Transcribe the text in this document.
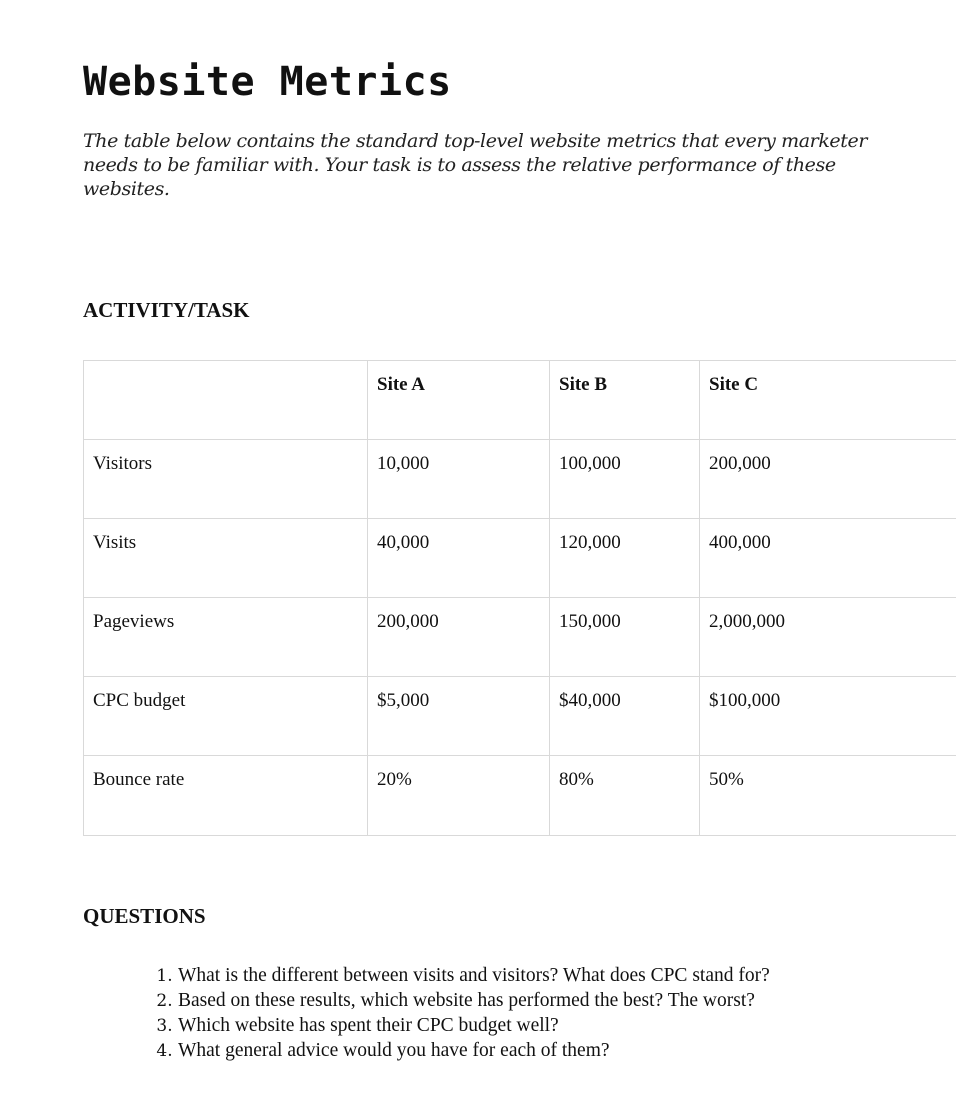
Website Metrics

The table below contains the standard top-level website metrics that every marketer needs to be familiar with. Your task is to assess the relative performance of these websites.

ACTIVITY/TASK

	Site A	Site B	Site C

Visitors	10,000	100,000	200,000

Visits	40,000	120,000	400,000

Pageviews	200,000	150,000	2,000,000

CPC budget	$5,000	$40,000	$100,000

Bounce rate	20%	80%	50%
QUESTIONS
1. What is the different between visits and visitors? What does CPC stand for?
2. Based on these results, which website has performed the best? The worst?
3. Which website has spent their CPC budget well?
4. What general advice would you have for each of them?
